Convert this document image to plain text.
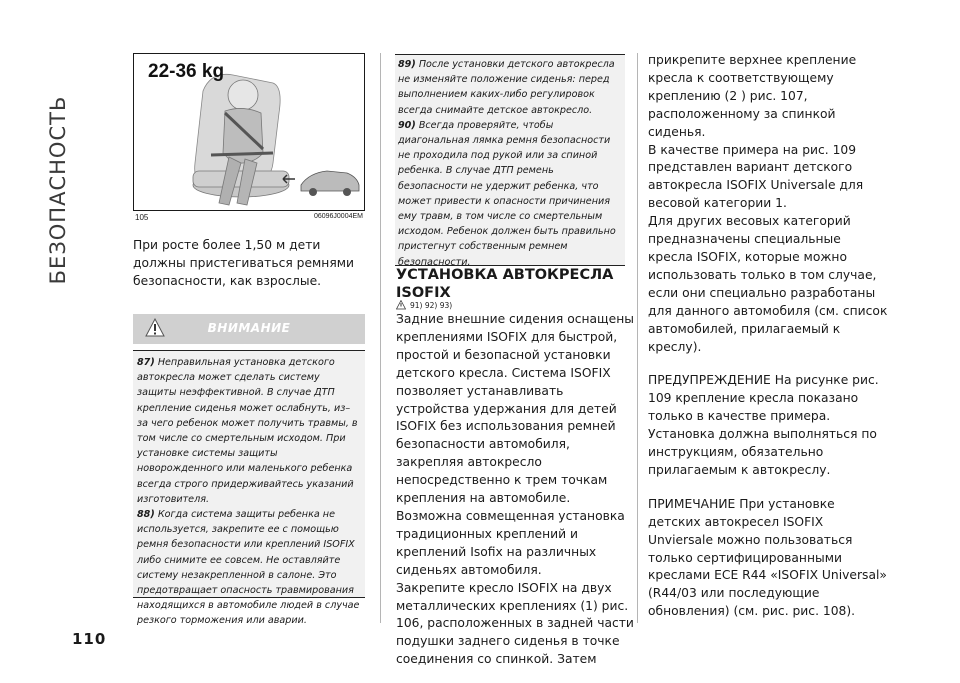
БЕЗОПАСНОСТЬ
110
22-36 kg
105	06096J0004EM

При росте более 1,50 м дети должны пристегиваться ремнями безопасности, как взрослые.

ВНИМАНИЕ

87) Неправильная установка детского автокресла может сделать систему защиты неэффективной. В случае ДТП крепление сиденья может ослабнуть, из–за чего ребенок может получить травмы, в том числе со смертельным исходом. При установке системы защиты новорожденного или маленького ребенка всегда строго придерживайтесь указаний изготовителя.

88) Когда система защиты ребенка не используется, закрепите ее с помощью ремня безопасности или креплений ISOFIX либо снимите ее совсем. Не оставляйте систему незакрепленной в салоне. Это предотвращает опасность травмирования находящихся в автомобиле людей в случае резкого торможения или аварии.

89) После установки детского автокресла не изменяйте положение сиденья: перед выполнением каких-либо регулировок всегда снимайте детское автокресло.

90) Всегда проверяйте, чтобы диагональная лямка ремня безопасности не проходила под рукой или за спиной ребенка. В случае ДТП ремень безопасности не удержит ребенка, что может привести к опасности причинения ему травм, в том числе со смертельным исходом. Ребенок должен быть правильно пристегнут собственным ремнем безопасности.

УСТАНОВКА АВТОКРЕСЛА ISOFIX
91) 92) 93)

Задние внешние сидения оснащены креплениями ISOFIX для быстрой, простой и безопасной установки детского кресла. Система ISOFIX позволяет устанавливать устройства удержания для детей ISOFIX без использования ремней безопасности автомобиля, закрепляя автокресло непосредственно к трем точкам крепления на автомобиле.

Возможна совмещенная установка традиционных креплений и креплений Isofix на различных сиденьях автомобиля.

Закрепите кресло ISOFIX на двух металлических креплениях (1) рис. 106, расположенных в задней части подушки заднего сиденья в точке соединения со спинкой. Затем

прикрепите верхнее крепление кресла к соответствующему креплению (2 ) рис. 107, расположенному за спинкой сиденья.

В качестве примера на рис. 109 представлен вариант детского автокресла ISOFIX Universale для весовой категории 1.

Для других весовых категорий предназначены специальные кресла ISOFIX, которые можно использовать только в том случае, если они специально разработаны для данного автомобиля (см. список автомобилей, прилагаемый к креслу).

ПРЕДУПРЕЖДЕНИЕ На рисунке рис. 109 крепление кресла показано только в качестве примера. Установка должна выполняться по инструкциям, обязательно прилагаемым к автокреслу.

ПРИМЕЧАНИЕ При установке детских автокресел ISOFIX Unviersale можно пользоваться только сертифицированными креслами ECE R44 «ISOFIX Universal» (R44/03 или последующие обновления) (см. рис. рис. 108).
